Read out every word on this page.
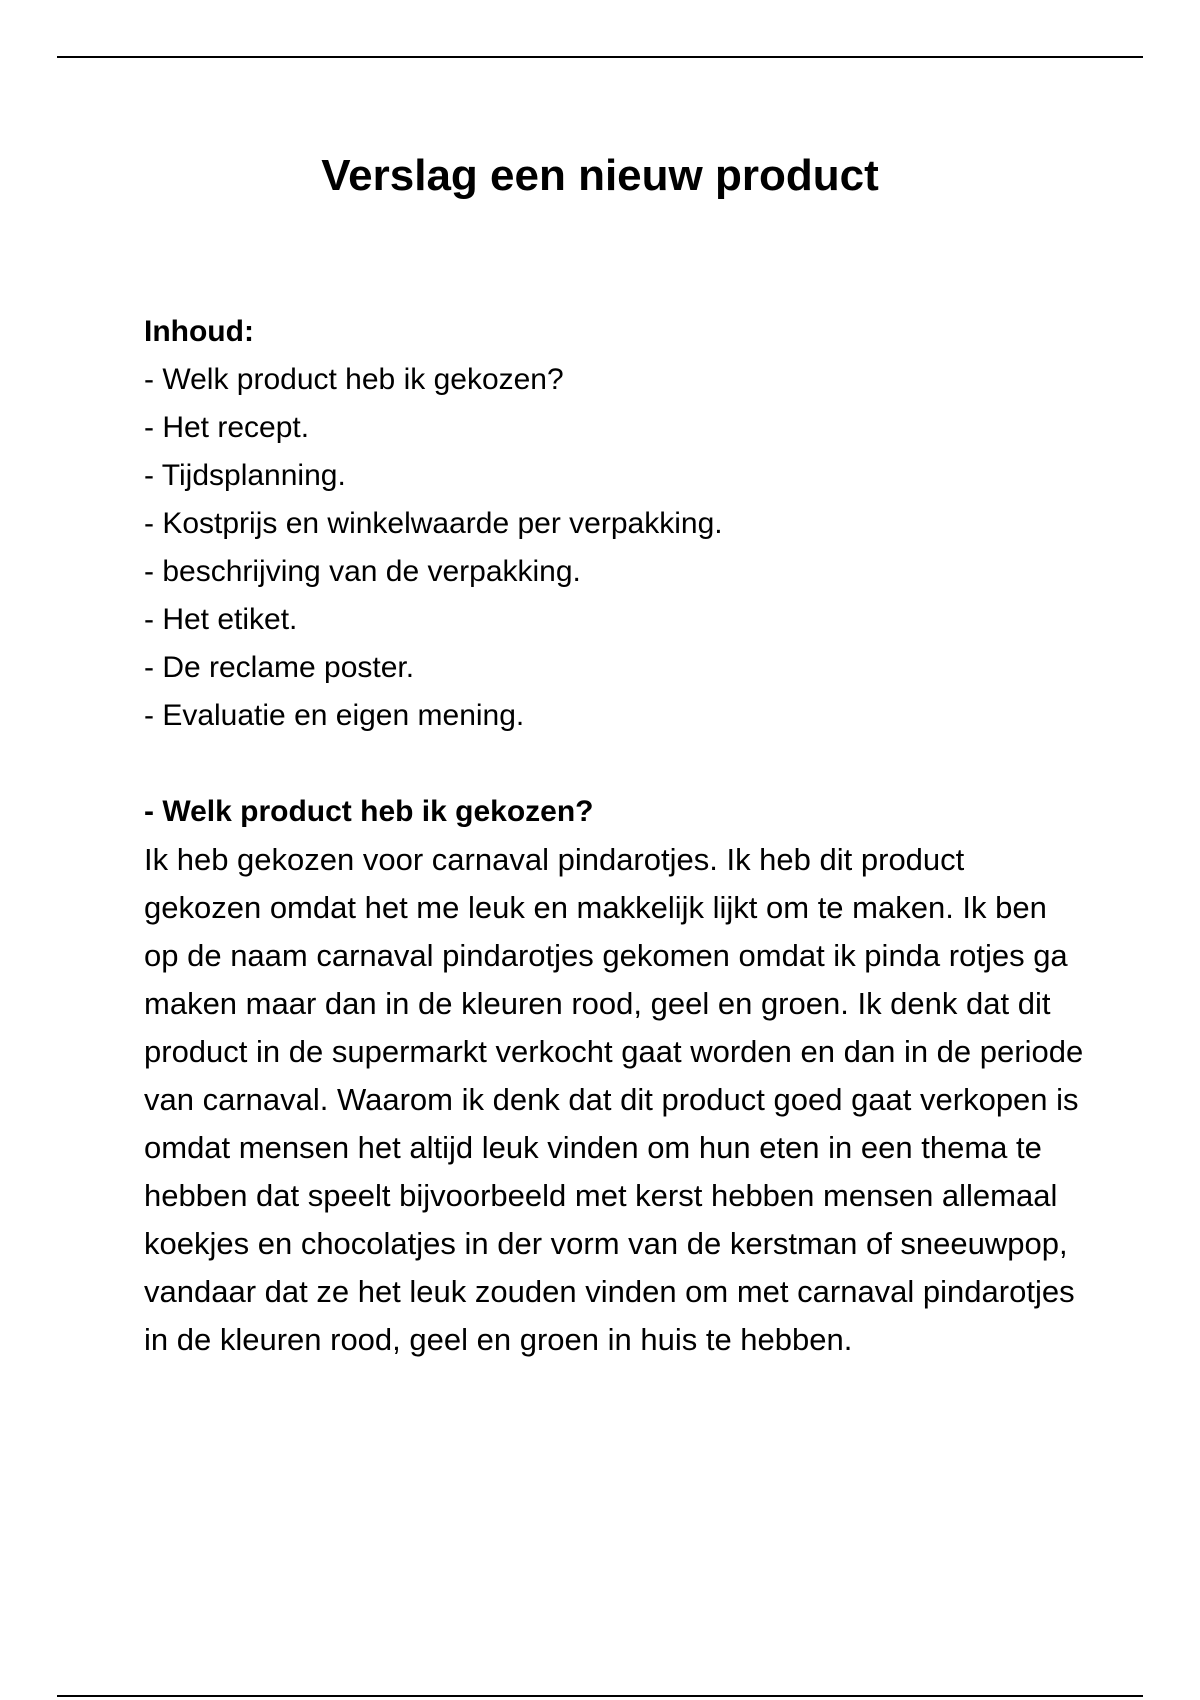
Verslag een nieuw product

Inhoud:

- Welk product heb ik gekozen?
- Het recept.
- Tijdsplanning.
- Kostprijs en winkelwaarde per verpakking.
- beschrijving van de verpakking.
- Het etiket.
- De reclame poster.
- Evaluatie en eigen mening.

- Welk product heb ik gekozen?

Ik heb gekozen voor carnaval pindarotjes. Ik heb dit product gekozen omdat het me leuk en makkelijk lijkt om te maken. Ik ben op de naam carnaval pindarotjes gekomen omdat ik pinda rotjes ga maken maar dan in de kleuren rood, geel en groen. Ik denk dat dit product in de supermarkt verkocht gaat worden en dan in de periode van carnaval. Waarom ik denk dat dit product goed gaat verkopen is omdat mensen het altijd leuk vinden om hun eten in een thema te hebben dat speelt bijvoorbeeld met kerst hebben mensen allemaal koekjes en chocolatjes in der vorm van de kerstman of sneeuwpop, vandaar dat ze het leuk zouden vinden om met carnaval pindarotjes in de kleuren rood, geel en groen in huis te hebben.
